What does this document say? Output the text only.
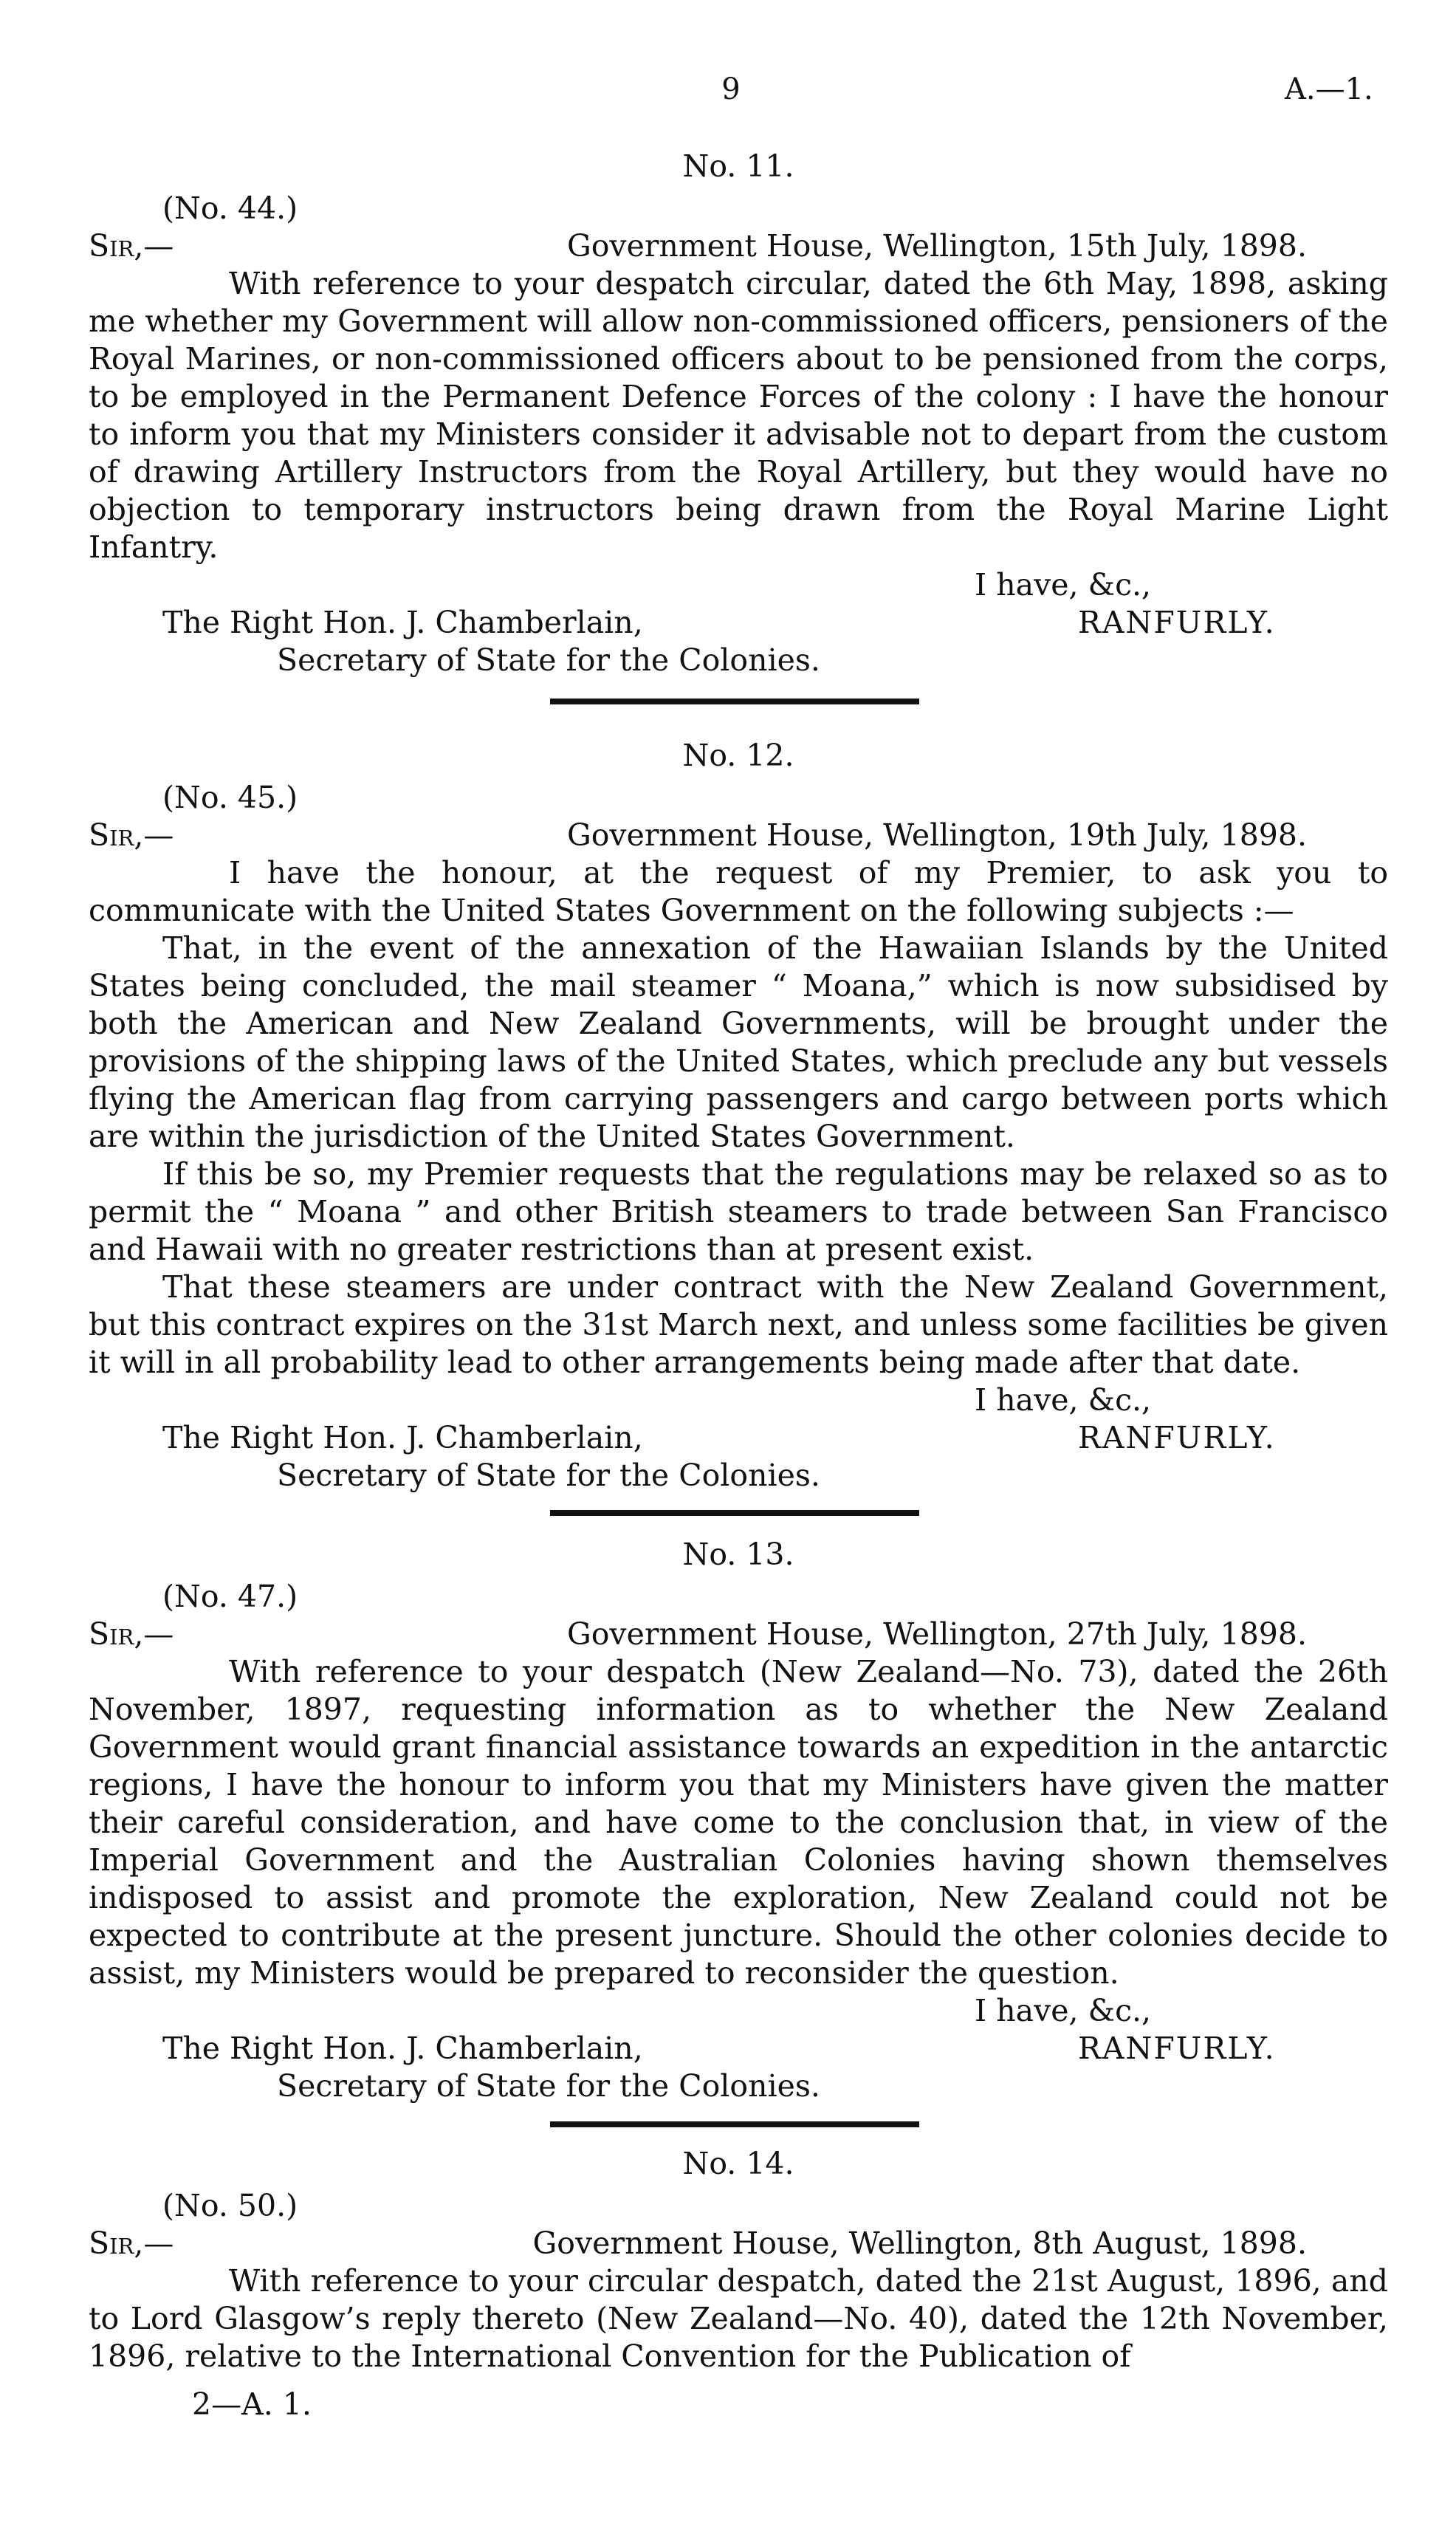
9	A.—1.
No. 11.
(No. 44.)
Sir,—	Government House, Wellington, 15th July, 1898.

With reference to your despatch circular, dated the 6th May, 1898, asking me whether my Government will allow non-commissioned officers, pensioners of the Royal Marines, or non-commissioned officers about to be pensioned from the corps, to be employed in the Permanent Defence Forces of the colony : I have the honour to inform you that my Ministers consider it advisable not to depart from the custom of drawing Artillery Instructors from the Royal Artillery, but they would have no objection to temporary instructors being drawn from the Royal Marine Light Infantry.

I have, &c.,
The Right Hon. J. Chamberlain,	RANFURLY.
Secretary of State for the Colonies.
No. 12.
(No. 45.)
Sir,—	Government House, Wellington, 19th July, 1898.

I have the honour, at the request of my Premier, to ask you to communicate with the United States Government on the following subjects :—

That, in the event of the annexation of the Hawaiian Islands by the United States being concluded, the mail steamer “ Moana,” which is now subsidised by both the American and New Zealand Governments, will be brought under the provisions of the shipping laws of the United States, which preclude any but vessels flying the American flag from carrying passengers and cargo between ports which are within the jurisdiction of the United States Government.

If this be so, my Premier requests that the regulations may be relaxed so as to permit the “ Moana ” and other British steamers to trade between San Francisco and Hawaii with no greater restrictions than at present exist.

That these steamers are under contract with the New Zealand Government, but this contract expires on the 31st March next, and unless some facilities be given it will in all probability lead to other arrangements being made after that date.

I have, &c.,
The Right Hon. J. Chamberlain,	RANFURLY.
Secretary of State for the Colonies.
No. 13.
(No. 47.)
Sir,—	Government House, Wellington, 27th July, 1898.

With reference to your despatch (New Zealand—No. 73), dated the 26th November, 1897, requesting information as to whether the New Zealand Government would grant financial assistance towards an expedition in the antarctic regions, I have the honour to inform you that my Ministers have given the matter their careful consideration, and have come to the conclusion that, in view of the Imperial Government and the Australian Colonies having shown themselves indisposed to assist and promote the exploration, New Zealand could not be expected to contribute at the present juncture. Should the other colonies decide to assist, my Ministers would be prepared to reconsider the question.

I have, &c.,
The Right Hon. J. Chamberlain,	RANFURLY.
Secretary of State for the Colonies.
No. 14.
(No. 50.)
Sir,—	Government House, Wellington, 8th August, 1898.

With reference to your circular despatch, dated the 21st August, 1896, and to Lord Glasgow’s reply thereto (New Zealand—No. 40), dated the 12th November, 1896, relative to the International Convention for the Publication of

2—A. 1.
